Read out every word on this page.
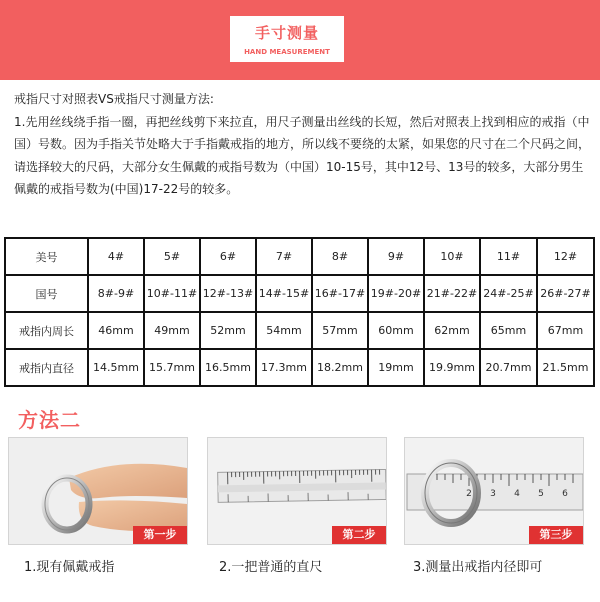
手寸测量
HAND MEASUREMENT

戒指尺寸对照表VS戒指尺寸测量方法:

1.先用丝线绕手指一圈，再把丝线剪下来拉直，用尺子测量出丝线的长短，然后对照表上找到相应的戒指（中国）号数。因为手指关节处略大于手指戴戒指的地方，所以线不要绕的太紧，如果您的尺寸在二个尺码之间，请选择较大的尺码，大部分女生佩戴的戒指号数为（中国）10-15号，其中12号、13号的较多，大部分男生佩戴的戒指号数为(中国)17-22号的较多。

美号	4#	5#	6#	7#	8#	9#	10#	11#	12#
国号	8#-9#	10#-11#	12#-13#	14#-15#	16#-17#	19#-20#	21#-22#	24#-25#	26#-27#
戒指内周长	46mm	49mm	52mm	54mm	57mm	60mm	62mm	65mm	67mm
戒指内直径	14.5mm	15.7mm	16.5mm	17.3mm	18.2mm	19mm	19.9mm	20.7mm	21.5mm
方法二
第一步	第二步
2 3 4 5 6
第三步
1.现有佩戴戒指	2.一把普通的直尺	3.测量出戒指内径即可
